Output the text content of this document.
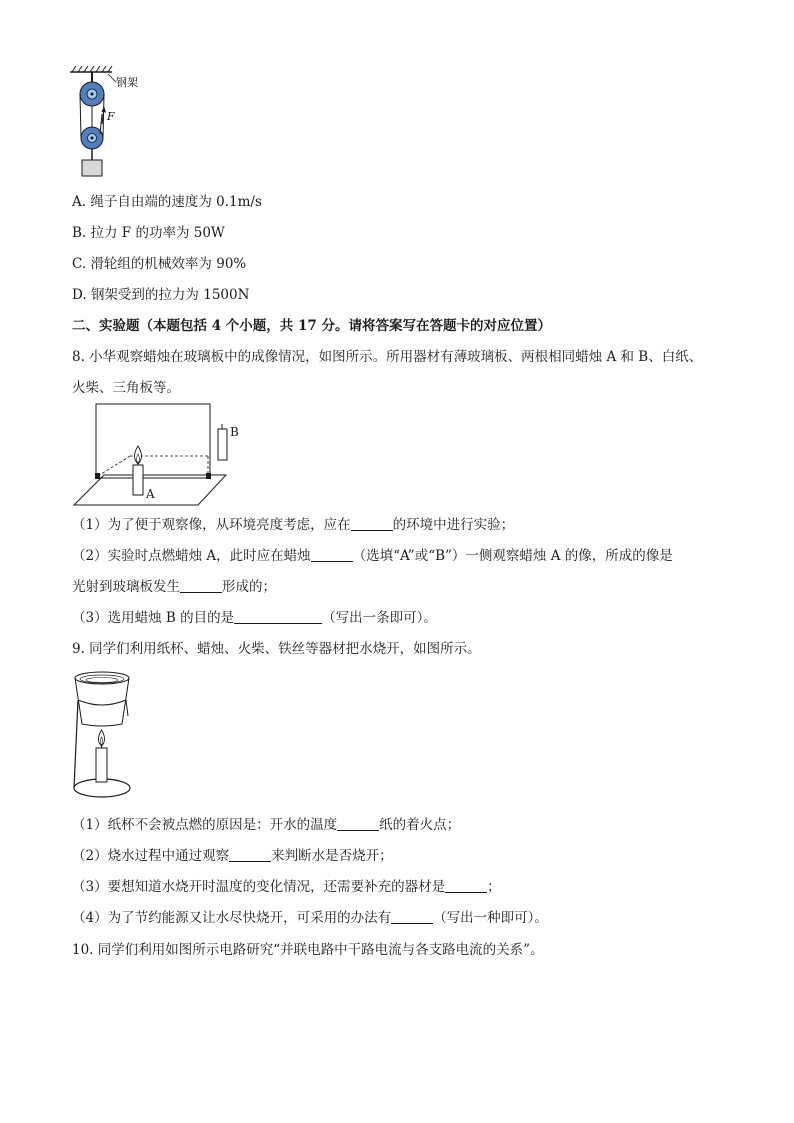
钢架
F
A. 绳子自由端的速度为 0.1m/s
B. 拉力 F 的功率为 50W
C. 滑轮组的机械效率为 90%
D. 钢架受到的拉力为 1500N
二、实验题（本题包括 4 个小题，共 17 分。请将答案写在答题卡的对应位置）
8. 小华观察蜡烛在玻璃板中的成像情况，如图所示。所用器材有薄玻璃板、两根相同蜡烛 A 和 B、白纸、
火柴、三角板等。
A
B
（1）为了便于观察像，从环境亮度考虑，应在	的环境中进行实验；
（2）实验时点燃蜡烛 A，此时应在蜡烛	（选填“A”或“B”）一侧观察蜡烛 A 的像，所成的像是
光射到玻璃板发生	形成的；
（3）选用蜡烛 B 的目的是	（写出一条即可）。
9. 同学们利用纸杯、蜡烛、火柴、铁丝等器材把水烧开，如图所示。
（1）纸杯不会被点燃的原因是：开水的温度	纸的着火点；
（2）烧水过程中通过观察	来判断水是否烧开；
（3）要想知道水烧开时温度的变化情况，还需要补充的器材是	；
（4）为了节约能源又让水尽快烧开，可采用的办法有	（写出一种即可）。
10. 同学们利用如图所示电路研究“并联电路中干路电流与各支路电流的关系”。
